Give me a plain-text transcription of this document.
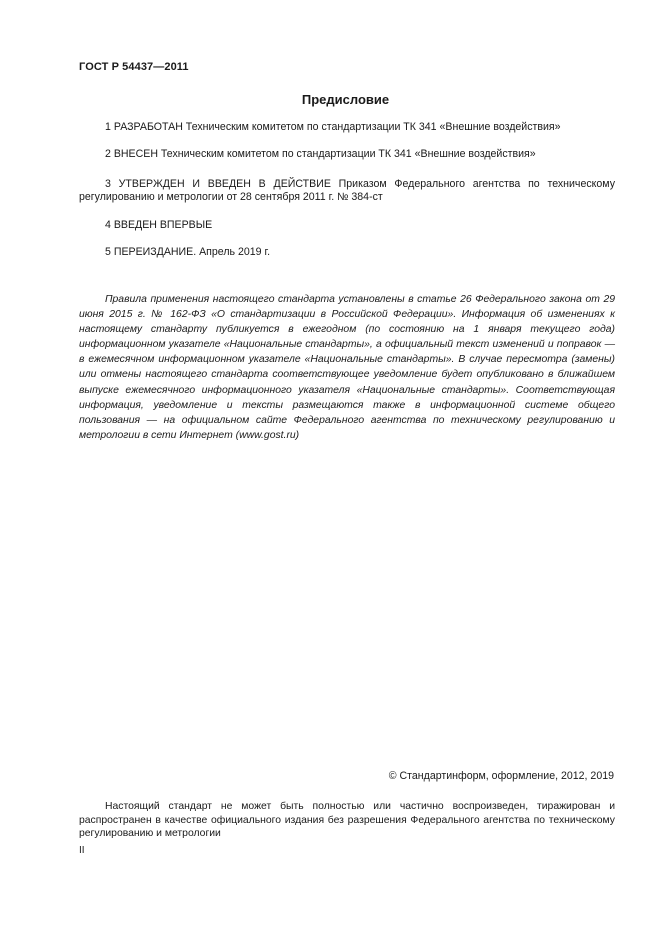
ГОСТ Р 54437—2011
Предисловие

1 РАЗРАБОТАН Техническим комитетом по стандартизации ТК 341 «Внешние воздействия»

2 ВНЕСЕН Техническим комитетом по стандартизации ТК 341 «Внешние воздействия»

3 УТВЕРЖДЕН И ВВЕДЕН В ДЕЙСТВИЕ Приказом Федерального агентства по техническому регулированию и метрологии от 28 сентября 2011 г. № 384-ст

4 ВВЕДЕН ВПЕРВЫЕ

5 ПЕРЕИЗДАНИЕ. Апрель 2019 г.

Правила применения настоящего стандарта установлены в статье 26 Федерального закона от 29 июня 2015 г. № 162-ФЗ «О стандартизации в Российской Федерации». Информация об изменениях к настоящему стандарту публикуется в ежегодном (по состоянию на 1 января текущего года) информационном указателе «Национальные стандарты», а официальный текст изменений и поправок — в ежемесячном информационном указателе «Национальные стандарты». В случае пересмотра (замены) или отмены настоящего стандарта соответствующее уведомление будет опубликовано в ближайшем выпуске ежемесячного информационного указателя «Национальные стандарты». Соответствующая информация, уведомление и тексты размещаются также в информационной системе общего пользования — на официальном сайте Федерального агентства по техническому регулированию и метрологии в сети Интернет (www.gost.ru)

© Стандартинформ, оформление, 2012, 2019

Настоящий стандарт не может быть полностью или частично воспроизведен, тиражирован и распространен в качестве официального издания без разрешения Федерального агентства по техническому регулированию и метрологии

II
